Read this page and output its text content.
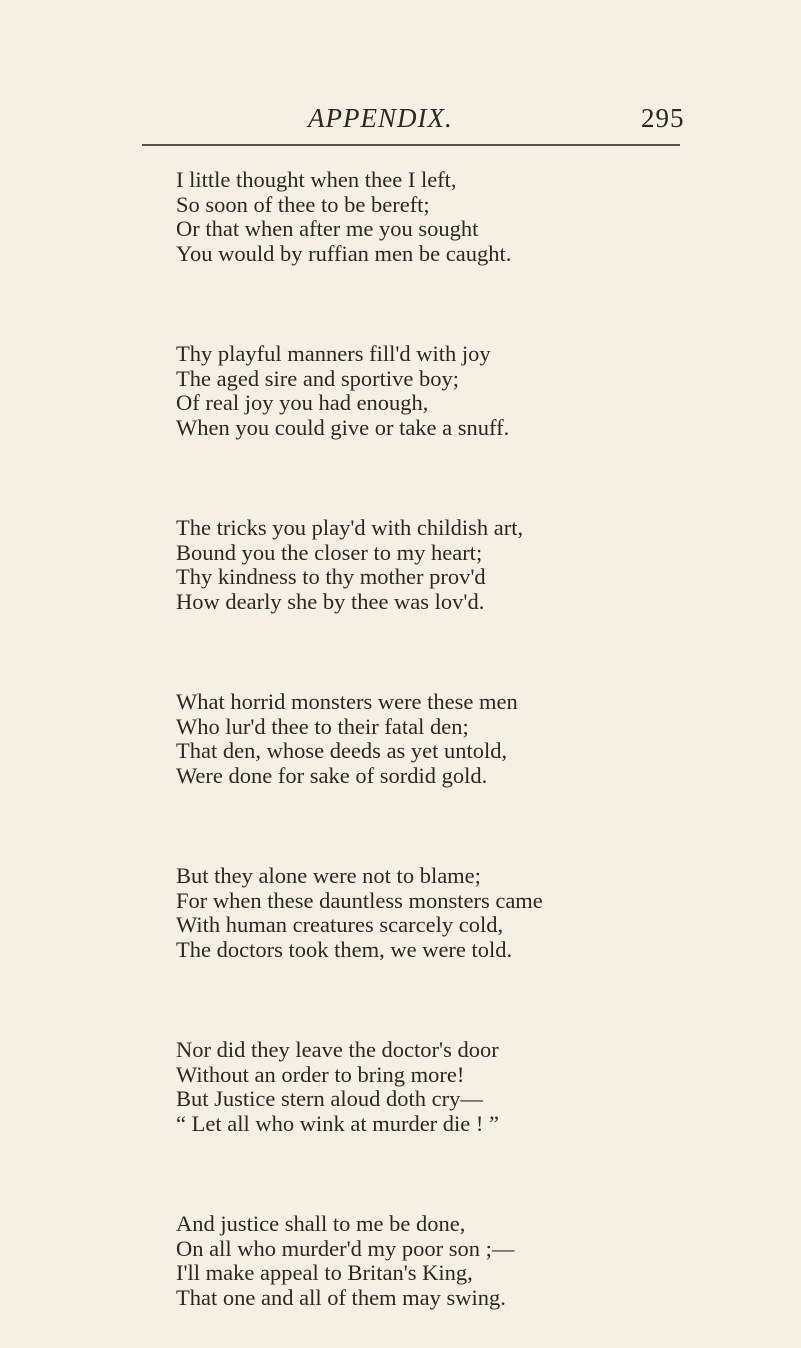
APPENDIX.	295
I little thought when thee I left,
So soon of thee to be bereft;
Or that when after me you sought
You would by ruffian men be caught.
Thy playful manners fill'd with joy
The aged sire and sportive boy;
Of real joy you had enough,
When you could give or take a snuff.
The tricks you play'd with childish art,
Bound you the closer to my heart;
Thy kindness to thy mother prov'd
How dearly she by thee was lov'd.
What horrid monsters were these men
Who lur'd thee to their fatal den;
That den, whose deeds as yet untold,
Were done for sake of sordid gold.
But they alone were not to blame;
For when these dauntless monsters came
With human creatures scarcely cold,
The doctors took them, we were told.
Nor did they leave the doctor's door
Without an order to bring more!
But Justice stern aloud doth cry—
“ Let all who wink at murder die ! ”
And justice shall to me be done,
On all who murder'd my poor son ;—
I'll make appeal to Britan's King,
That one and all of them may swing.
